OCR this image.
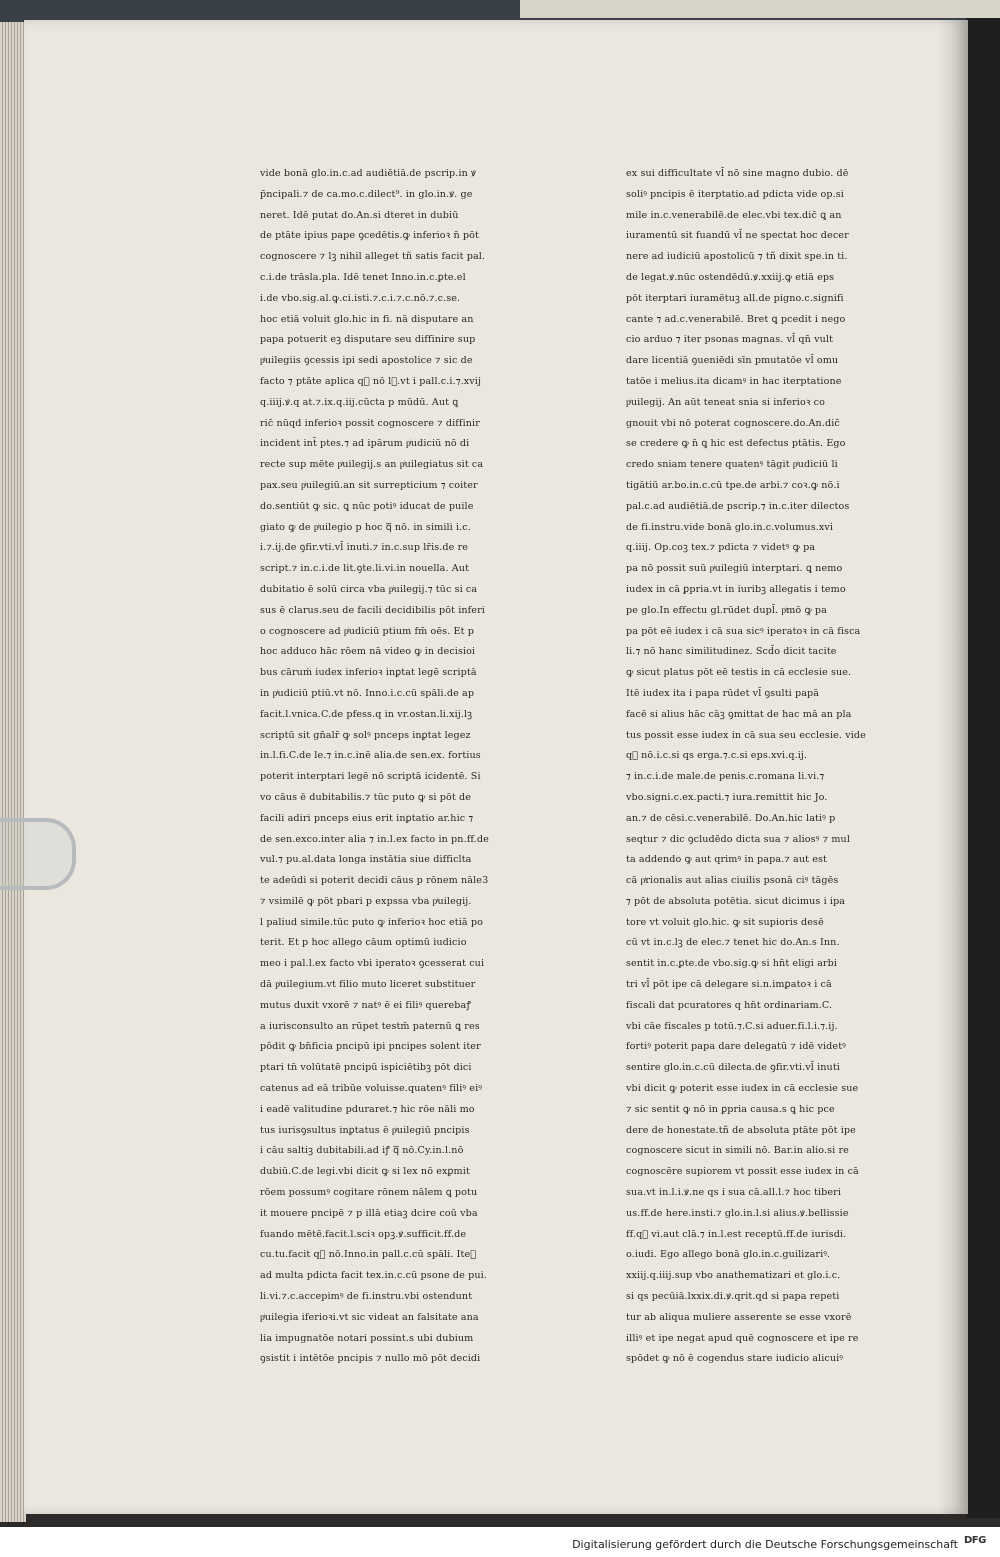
vide bonā glo.in.c.ad audiētiā.de pscrip.in ꝟ
p̄ncipali.⁊ de ca.mo.c.dilect⁹. in glo.in.ꝟ. ge
neret. Idē putat do.An.si dteret in dubiū
de ptāte ipius pape ꝯcedētis.ꝙ inferioꝛ n̄ pōt
cognoscere ⁊ lꝫ nihil alleget tñ satis facit pal.
c.i.de trāsla.pla. Idē tenet Inno.in.c.ꝑte.el
i.de vbo.sig.al.ꝙ.ci.isti.⁊.c.i.⁊.c.nō.⁊.c.se.
hoc etiā voluit glo.hic in fi. nā disputare an
papa potuerit eꝫ disputare seu diffinire sup
pͥuilegiis ꝯcessis ipi sedi apostolice ⁊ sic de
facto ⁊ ptāte aplica qᷓ nō lꝫ.vt i pall.c.i.⁊.xvij
q.iiij.ꝟ.q at.⁊.ix.q.iij.cūcta p mūdū. Aut ꝗ
ric̄ nūqd inferioꝛ possit cognoscere ⁊ diffinir
incident int̄ ptes.⁊ ad ipārum pͥudiciū nō di
recte sup mēte pͥuilegij.s an pͥuilegiatus sit ca
pax.seu pͥuilegiū.an sit surrepticium ⁊ coiter
do.sentiūt ꝙ sic. ꝗ nūc potiꝰ iducat de puile
giato ꝙ de pͥuilegio p hoc qᷓ nō. in simili i.c.
i.⁊.ij.de ꝯfir.vti.vl̄ inuti.⁊ in.c.sup lr̄is.de re
script.⁊ in.c.i.de lit.ꝯte.li.vi.in nouella. Aut
dubitatio ē solū circa vba pͥuilegij.⁊ tūc si ca
sus ē clarus.seu de facili decidibilis pōt inferi
o cognoscere ad pͥudiciū ptium fm̄ oēs. Et p
hoc adduco hāc rōem nā video ꝙ in decisioi
bus cāruṁ iudex inferioꝛ inꝑtat legē scriptā
in pͥudiciū ptiū.vt nō. Inno.i.c.cū spāli.de ap
facit.l.vnica.C.de pfess.q in vr.ostan.li.xij.lꝫ
scriptū sit gn̄alr̄ ꝙ solꝰ pnceps inꝑtat legez
in.l.fi.C.de le.⁊ in.c.inē alia.de sen.ex. fortius
poterit interptari legē nō scriptā icidentē. Si
vo cāus ē dubitabilis.⁊ tūc puto ꝙ si pōt de
facili adiri pnceps eius erit inꝑtatio ar.hic ⁊
de sen.exco.inter alia ⁊ in.l.ex facto in pn.ff.de
vul.⁊ pu.al.data longa instātia siue difficlta
te adeūdi si poterit decidi cāus p rōnem nāle3
⁊ vsimilē ꝙ pōt pbari p expssa vba pͥuilegij.
l paliud simile.tūc puto ꝙ inferioꝛ hoc etiā po
terit. Et p hoc allego cāum optimū iudicio
meo i pal.l.ex facto vbi iperatoꝛ ꝯcesserat cui
dā pͥuilegium.vt filio muto liceret substituer
mutus duxit vxorē ⁊ natꝰ ē ei filiꝰ querebaꝭ
a iurisconsulto an rūpet testm̄ paternū ꝗ res
pōdit ꝙ bn̄ficia pncipū ipi pncipes solent iter
ptari tn̄ volūtatē pncipū ispiciētibꝫ pōt dici
catenus ad eā tribūe voluisse.quatenꝰ filiꝰ eiꝰ
i eadē valitudine pduraret.⁊ hic rōe nāli mo
tus iurisꝯsultus inꝑtatus ē pͥuilegiū pncipis
i cāu saltiꝫ dubitabili.ad iꝭ qᷓ nō.Cy.in.l.nō
dubiū.C.de legi.vbi dicit ꝙ si lex nō exꝑmit
rōem possumꝰ cogitare rōnem nālem ꝗ potu
it mouere pncipē ⁊ p illā etiaꝫ dcire coū vba
fuando mētē.facit.l.sciꝛ opꝫ.ꝟ.sufficit.ff.de
cu.tu.facit qᷓ nō.Inno.in pall.c.cū spāli. Iteꝫ
ad multa pdicta facit tex.in.c.cū psone de pui.
li.vi.⁊.c.accepimꝰ de fi.instru.vbi ostendunt
pͥuilegia iferioꝛi.vt sic videat an falsitate ana
lia impugnatōe notari possint.s ubi dubium
ꝯsistit i intētōe pncipis ⁊ nullo mō pōt decidi
ex sui difficultate vl̄ nō sine magno dubio. dē
soliꝰ pncipis ē iterptatio.ad pdicta vide op.si
mile in.c.venerabilē.de elec.vbi tex.dic̄ ꝗ an
iuramentū sit fuandū vl̄ ne spectat hoc decer
nere ad iudiciū apostolicū ⁊ tñ dixit spe.in ti.
de legat.ꝟ.nūc ostendēdū.ꝟ.xxiij.ꝙ etiā eps
pōt iterptari iuramētuꝫ all.de pigno.c.signifi
cante ⁊ ad.c.venerabilē. Bret ꝗ pcedit i nego
cio arduo ⁊ iter psonas magnas. vl̄ qn̄ vult
dare licentiā ꝯueniēdi sīn pmutatōe vl̄ omu
tatōe i melius.ita dicamꝰ in hac iterptatione
pͥuilegij. An aūt teneat snia si inferioꝛ co
gnouit vbi nō poterat cognoscere.do.An.dic̄
se credere ꝙ n̄ ꝗ hic est defectus ptātis. Ego
credo sniam tenere quatenꝰ tāgit pͥudiciū li
tigātiū ar.bo.in.c.cū tpe.de arbi.⁊ coꝛ.ꝙ nō.i
pal.c.ad audiētiā.de pscrip.⁊ in.c.iter dilectos
de fi.instru.vide bonā glo.in.c.volumus.xvi
q.iiij. Op.coꝫ tex.⁊ pdicta ⁊ videtꝰ ꝙ pa
pa nō possit suū pͥuilegiū interptari. ꝗ nemo
iudex in cā ꝑpria.vt in iuribꝫ allegatis i temo
pe glo.In effectu gl.rūdet dupl̄. pͥmō ꝙ pa
pa pōt eē iudex i cā sua sicꝰ iperatoꝛ in cā fisca
li.⁊ nō hanc similitudinez. Scd̄o dicit tacite
ꝙ sicut platus pōt eē testis in cā ecclesie sue.
Itē iudex ita i papa rūdet vl̄ ꝯsulti papā
facē si alius hāc cāꝫ ꝯmittat de hac mā an pla
tus possit esse iudex in cā sua seu ecclesie. vide
qᷓ nō.i.c.si qs erga.⁊.c.si eps.xvi.q.ij.
⁊ in.c.i.de male.de penis.c.romana li.vi.⁊
vbo.signi.c.ex.pacti.⁊ iura.remittit hic Jo.
an.⁊ de cēsi.c.venerabilē. Do.An.hic latiꝰ p
seqtur ⁊ dic ꝯcludēdo dicta sua ⁊ aliosꝰ ⁊ mul
ta addendo ꝙ aut qrimꝰ in papa.⁊ aut est
cā pͥrionalis aut alias ciuilis psonā ciꝰ tāgēs
⁊ pōt de absoluta potētia. sicut dicimus i ipa
tore vt voluit glo.hic. ꝙ sit supioris desē
cū vt in.c.lꝫ de elec.⁊ tenet hic do.An.s Inn.
sentit in.c.ꝑte.de vbo.sig.ꝙ si hn̄t eligi arbi
tri vl̄ pōt ipe cā delegare si.n.imꝑatoꝛ i cā
fiscali dat pcuratores q hn̄t ordinariam.C.
vbi cāe fiscales p totū.⁊.C.si aduer.fi.l.i.⁊.ij.
fortiꝰ poterit papa dare delegatū ⁊ idē videtꝰ
sentire glo.in.c.cū dilecta.de ꝯfir.vti.vl̄ inuti
vbi dicit ꝙ poterit esse iudex in cā ecclesie sue
⁊ sic sentit ꝙ nō in ꝑpria causa.s ꝗ hic pce
dere de honestate.tñ de absoluta ptāte pōt ipe
cognoscere sicut in simili nō. Bar.in alio.si re
cognoscēre supiorem vt possit esse iudex in cā
sua.vt in.l.i.ꝟ.ne qs i sua cā.all.l.⁊ hoc tiberi
us.ff.de here.insti.⁊ glo.in.l.si alius.ꝟ.bellissie
ff.qᷓ vi.aut clā.⁊ in.l.est receptū.ff.de iurisdi.
o.iudi. Ego allego bonā glo.in.c.guilizariꝰ.
xxiij.q.iiij.sup vbo anathematizari et glo.i.c.
si qs pecūiā.lxxix.di.ꝟ.qrit.qd si papa repeti
tur ab aliqua muliere asserente se esse vxorē
illiꝰ et ipe negat apud quē cognoscere et ipe re
spōdet ꝙ nō ē cogendus stare iudicio alicuiꝰ
Digitalisierung gefördert durch die Deutsche Forschungsgemeinschaft DFG
